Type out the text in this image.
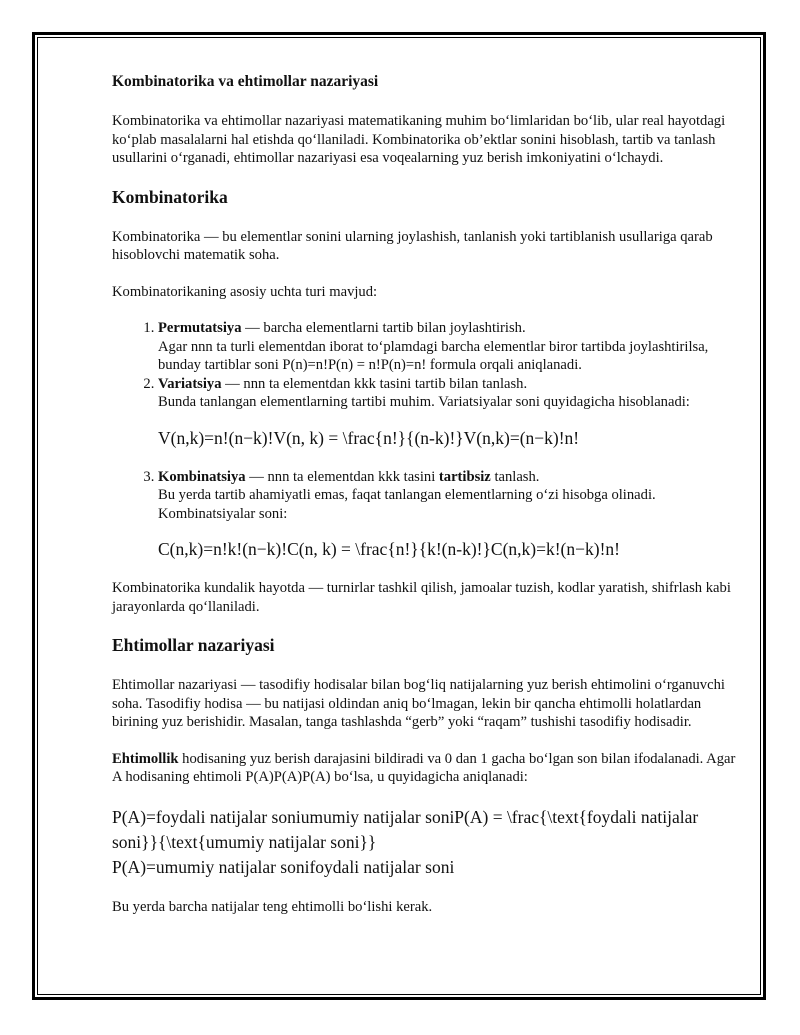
Kombinatorika va ehtimollar nazariyasi

Kombinatorika va ehtimollar nazariyasi matematikaning muhim bo‘limlaridan bo‘lib, ular real hayotdagi ko‘plab masalalarni hal etishda qo‘llaniladi. Kombinatorika ob’ektlar sonini hisoblash, tartib va tanlash usullarini o‘rganadi, ehtimollar nazariyasi esa voqealarning yuz berish imkoniyatini o‘lchaydi.

Kombinatorika

Kombinatorika — bu elementlar sonini ularning joylashish, tanlanish yoki tartiblanish usullariga qarab hisoblovchi matematik soha.

Kombinatorikaning asosiy uchta turi mavjud:

1. Permutatsiya — barcha elementlarni tartib bilan joylashtirish.
Agar nnn ta turli elementdan iborat to‘plamdagi barcha elementlar biror tartibda joylashtirilsa, bunday tartiblar soni P(n)=n!P(n) = n!P(n)=n! formula orqali aniqlanadi.
2. Variatsiya — nnn ta elementdan kkk tasini tartib bilan tanlash.
Bunda tanlangan elementlarning tartibi muhim. Variatsiyalar soni quyidagicha hisoblanadi:
V(n,k)=n!(n−k)!V(n, k) = \frac{n!}{(n-k)!}V(n,k)=(n−k)!n!
3. Kombinatsiya — nnn ta elementdan kkk tasini tartibsiz tanlash.
Bu yerda tartib ahamiyatli emas, faqat tanlangan elementlarning o‘zi hisobga olinadi. Kombinatsiyalar soni:
C(n,k)=n!k!(n−k)!C(n, k) = \frac{n!}{k!(n-k)!}C(n,k)=k!(n−k)!n!

Kombinatorika kundalik hayotda — turnirlar tashkil qilish, jamoalar tuzish, kodlar yaratish, shifrlash kabi jarayonlarda qo‘llaniladi.

Ehtimollar nazariyasi

Ehtimollar nazariyasi — tasodifiy hodisalar bilan bog‘liq natijalarning yuz berish ehtimolini o‘rganuvchi soha. Tasodifiy hodisa — bu natijasi oldindan aniq bo‘lmagan, lekin bir qancha ehtimolli holatlardan birining yuz berishidir. Masalan, tanga tashlashda “gerb” yoki “raqam” tushishi tasodifiy hodisadir.

Ehtimollik hodisaning yuz berish darajasini bildiradi va 0 dan 1 gacha bo‘lgan son bilan ifodalanadi. Agar A hodisaning ehtimoli P(A)P(A)P(A) bo‘lsa, u quyidagicha aniqlanadi:

P(A)=foydali natijalar soniumumiy natijalar soniP(A) = \frac{\text{foydali natijalar soni}}{\text{umumiy natijalar soni}}

P(A)=umumiy natijalar sonifoydali natijalar soni

Bu yerda barcha natijalar teng ehtimolli bo‘lishi kerak.
